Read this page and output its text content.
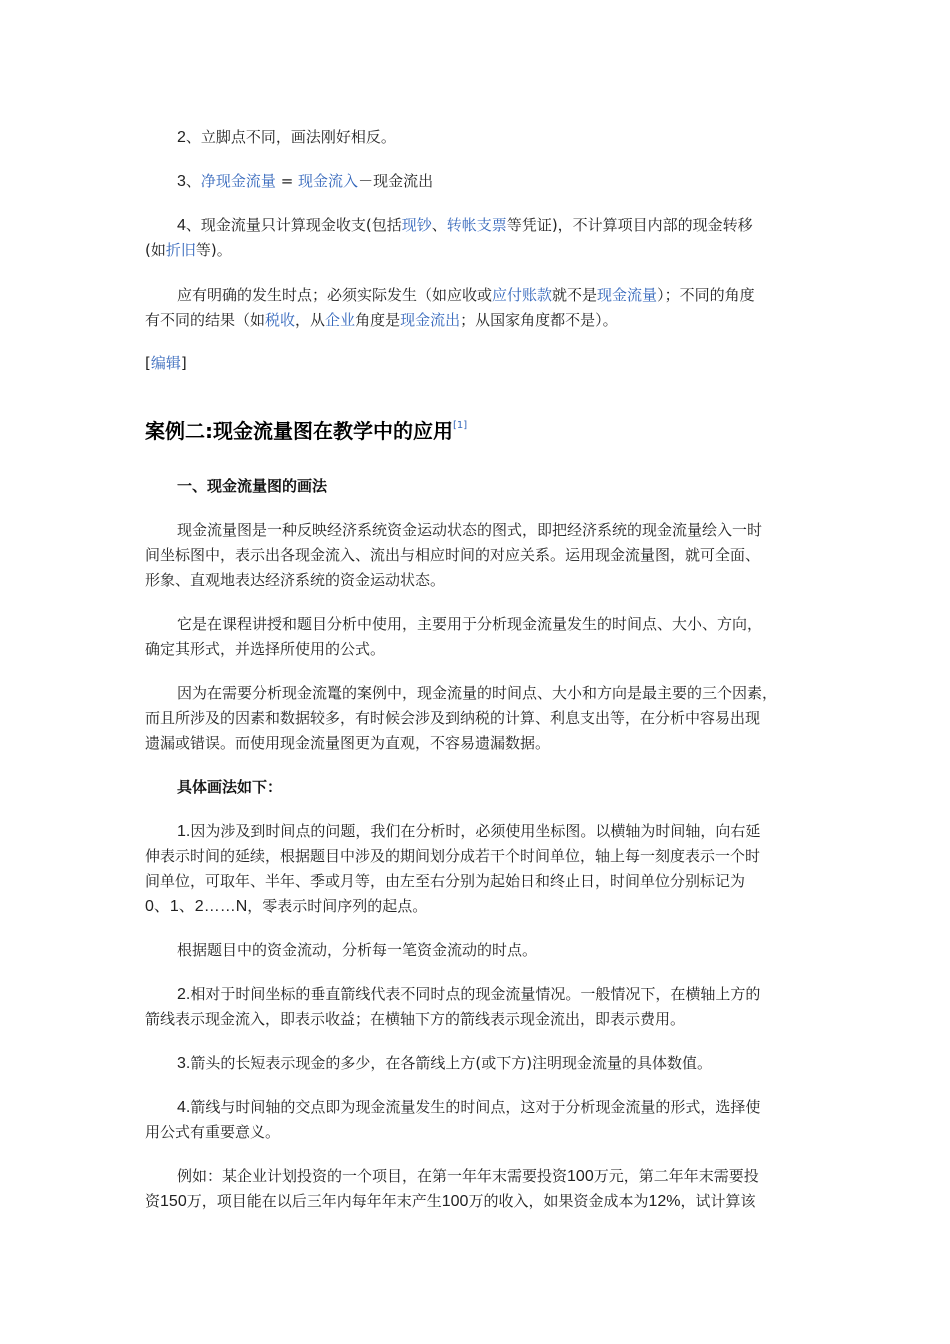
2、立脚点不同，画法刚好相反。

3、净现金流量 = 现金流入－现金流出

4、现金流量只计算现金收支(包括现钞、转帐支票等凭证)，不计算项目内部的现金转移

(如折旧等)。

应有明确的发生时点；必须实际发生（如应收或应付账款就不是现金流量）；不同的角度

有不同的结果（如税收，从企业角度是现金流出；从国家角度都不是）。

[编辑]

案例二:现金流量图在教学中的应用[1]

一、现金流量图的画法

现金流量图是一种反映经济系统资金运动状态的图式，即把经济系统的现金流量绘入一时

间坐标图中，表示出各现金流入、流出与相应时间的对应关系。运用现金流量图，就可全面、

形象、直观地表达经济系统的资金运动状态。

它是在课程讲授和题目分析中使用，主要用于分析现金流量发生的时间点、大小、方向，

确定其形式，并选择所使用的公式。

因为在需要分析现金流鼍的案例中，现金流量的时间点、大小和方向是最主要的三个因素，

而且所涉及的因素和数据较多，有时候会涉及到纳税的计算、利息支出等，在分析中容易出现

遗漏或错误。而使用现金流量图更为直观，不容易遗漏数据。

具体画法如下：

1.因为涉及到时间点的问题，我们在分析时，必须使用坐标图。以横轴为时间轴，向右延

伸表示时间的延续，根据题目中涉及的期间划分成若干个时间单位，轴上每一刻度表示一个时

间单位，可取年、半年、季或月等，由左至右分别为起始日和终止日，时间单位分别标记为

0、1、2……N，零表示时间序列的起点。

根据题目中的资金流动，分析每一笔资金流动的时点。

2.相对于时间坐标的垂直箭线代表不同时点的现金流量情况。一般情况下，在横轴上方的

箭线表示现金流入，即表示收益；在横轴下方的箭线表示现金流出，即表示费用。

3.箭头的长短表示现金的多少，在各箭线上方(或下方)注明现金流量的具体数值。

4.箭线与时间轴的交点即为现金流量发生的时间点，这对于分析现金流量的形式，选择使

用公式有重要意义。

例如：某企业计划投资的一个项目，在第一年年末需要投资100万元，第二年年末需要投

资150万，项目能在以后三年内每年年末产生100万的收入，如果资金成本为12%，试计算该
